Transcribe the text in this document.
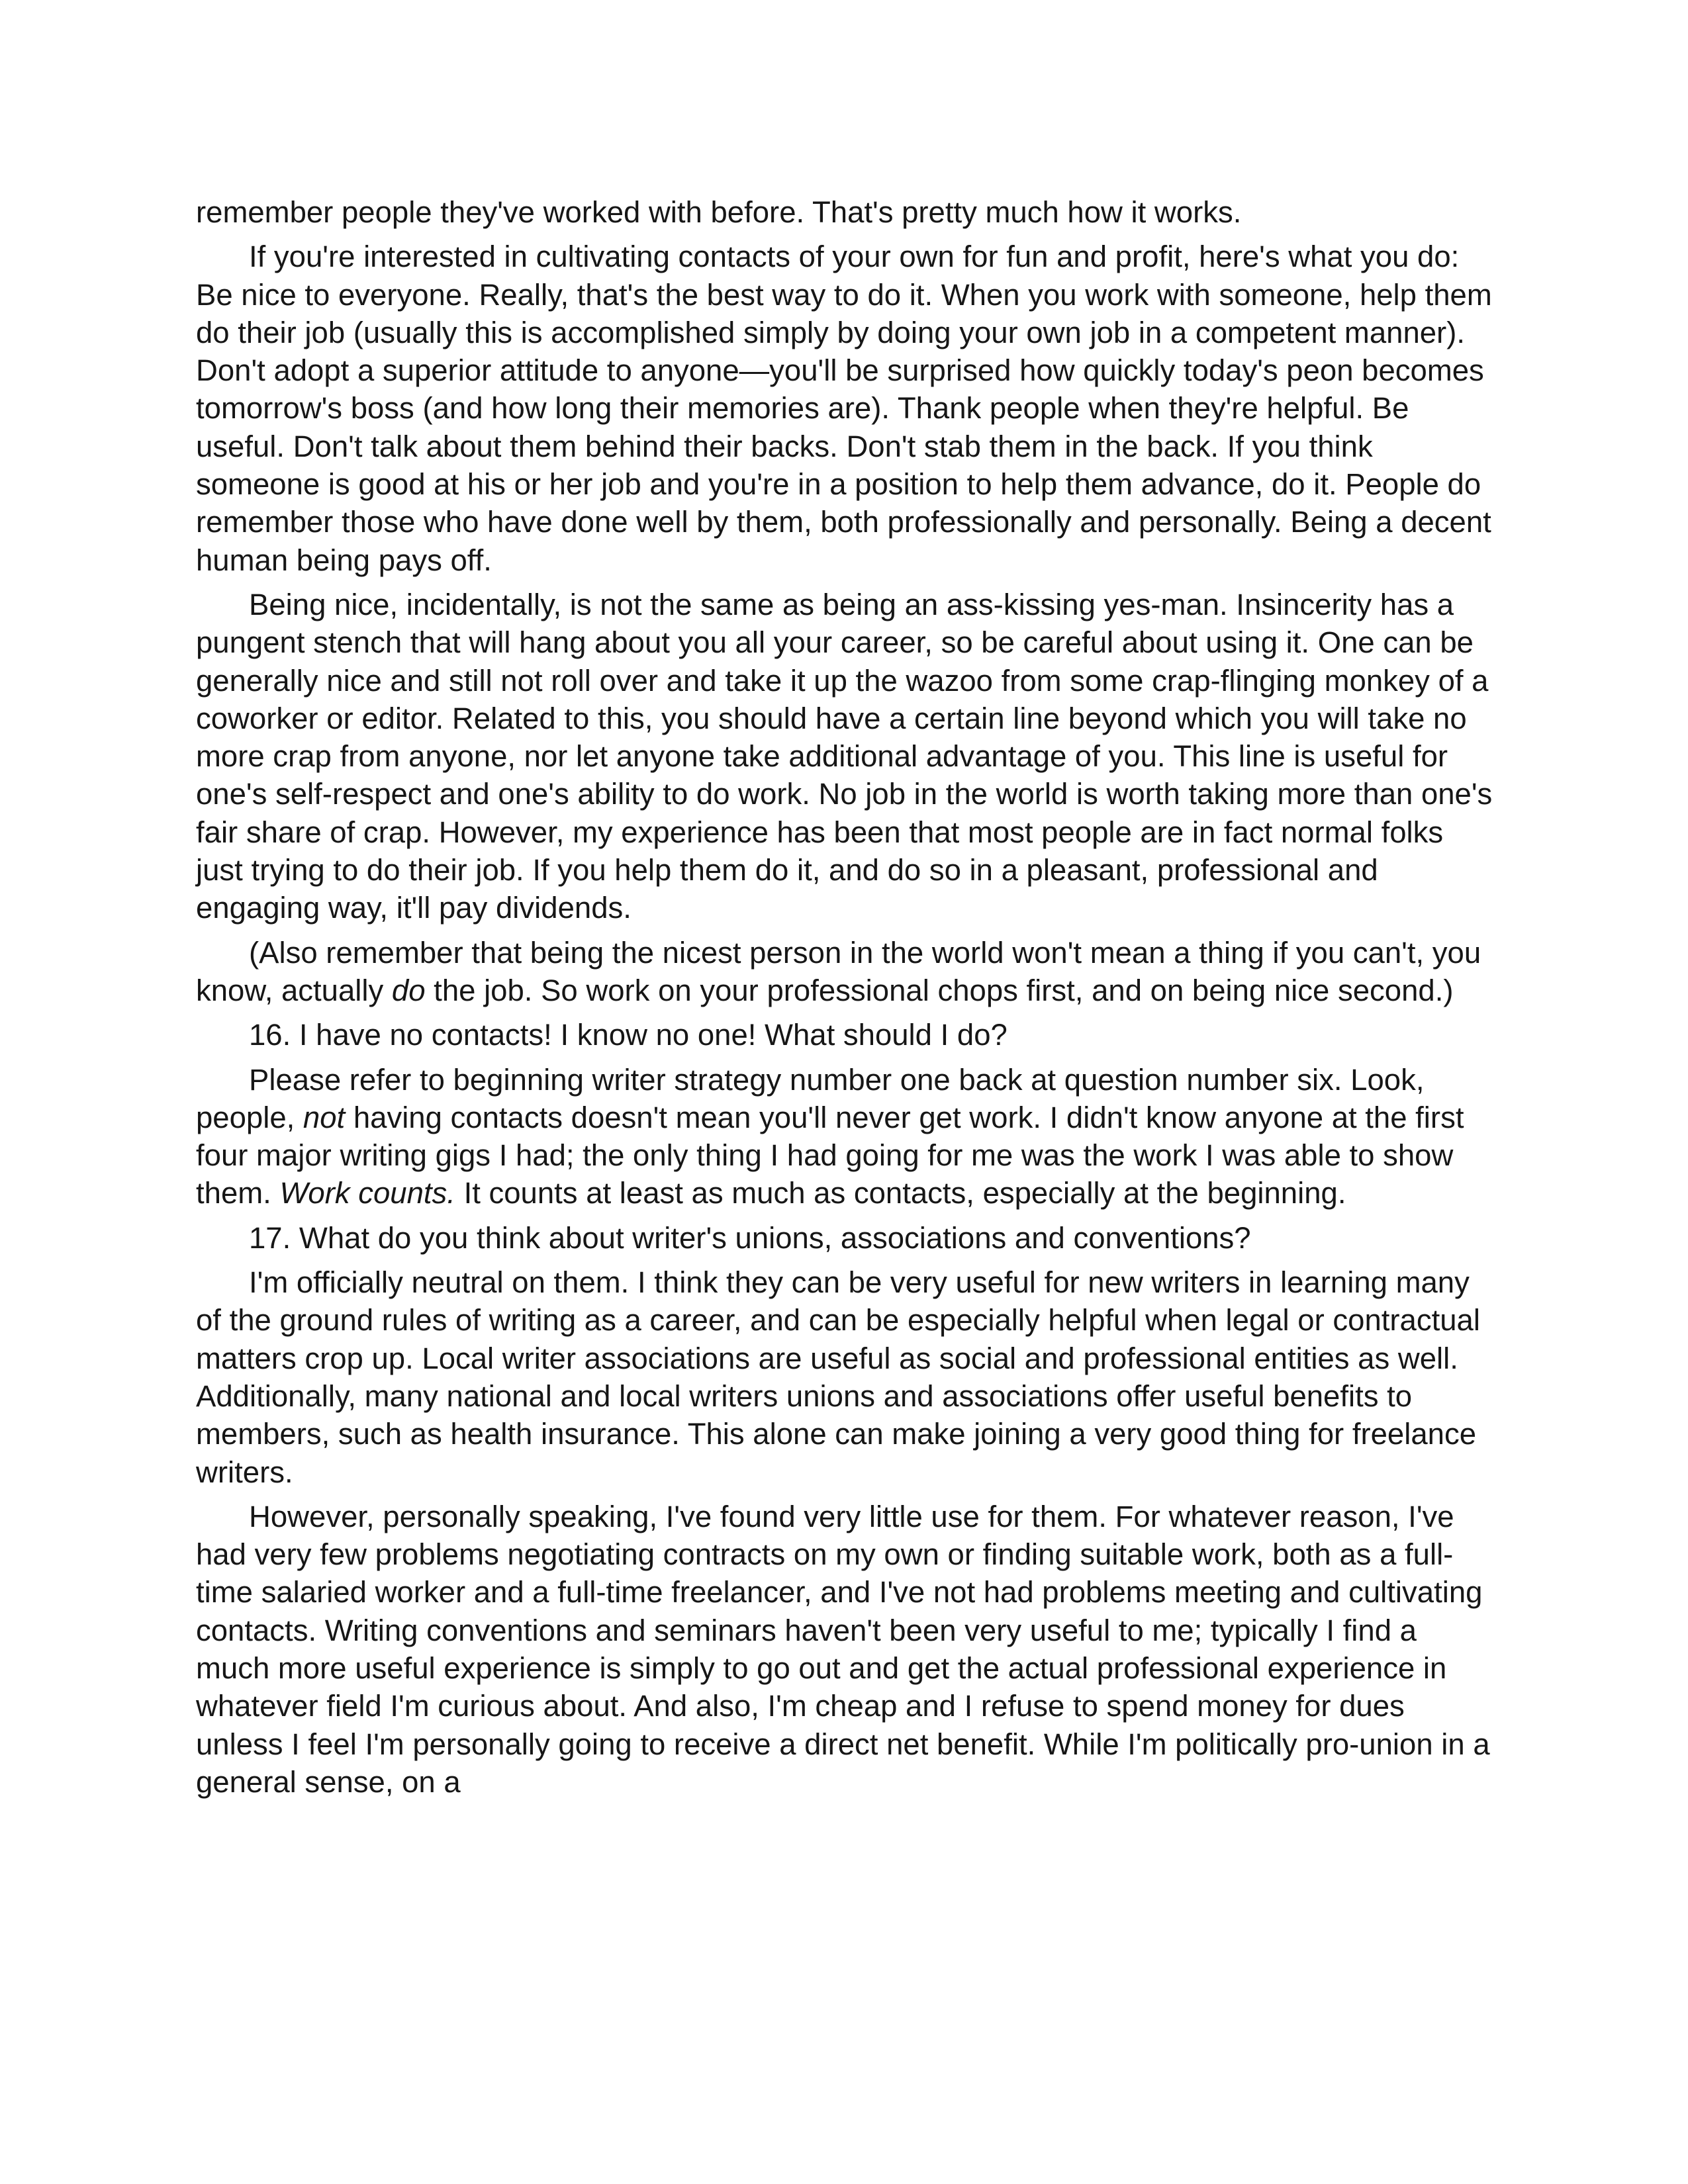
remember people they've worked with before. That's pretty much how it works.

If you're interested in cultivating contacts of your own for fun and profit, here's what you do: Be nice to everyone. Really, that's the best way to do it. When you work with someone, help them do their job (usually this is accomplished simply by doing your own job in a competent manner). Don't adopt a superior attitude to anyone—you'll be surprised how quickly today's peon becomes tomorrow's boss (and how long their memories are). Thank people when they're helpful. Be useful. Don't talk about them behind their backs. Don't stab them in the back. If you think someone is good at his or her job and you're in a position to help them advance, do it. People do remember those who have done well by them, both professionally and personally. Being a decent human being pays off.

Being nice, incidentally, is not the same as being an ass-kissing yes-man. Insincerity has a pungent stench that will hang about you all your career, so be careful about using it. One can be generally nice and still not roll over and take it up the wazoo from some crap-flinging monkey of a coworker or editor. Related to this, you should have a certain line beyond which you will take no more crap from anyone, nor let anyone take additional advantage of you. This line is useful for one's self-respect and one's ability to do work. No job in the world is worth taking more than one's fair share of crap. However, my experience has been that most people are in fact normal folks just trying to do their job. If you help them do it, and do so in a pleasant, professional and engaging way, it'll pay dividends.

(Also remember that being the nicest person in the world won't mean a thing if you can't, you know, actually do the job. So work on your professional chops first, and on being nice second.)

16. I have no contacts! I know no one! What should I do?

Please refer to beginning writer strategy number one back at question number six. Look, people, not having contacts doesn't mean you'll never get work. I didn't know anyone at the first four major writing gigs I had; the only thing I had going for me was the work I was able to show them. Work counts. It counts at least as much as contacts, especially at the beginning.

17. What do you think about writer's unions, associations and conventions?

I'm officially neutral on them. I think they can be very useful for new writers in learning many of the ground rules of writing as a career, and can be especially helpful when legal or contractual matters crop up. Local writer associations are useful as social and professional entities as well. Additionally, many national and local writers unions and associations offer useful benefits to members, such as health insurance. This alone can make joining a very good thing for freelance writers.

However, personally speaking, I've found very little use for them. For whatever reason, I've had very few problems negotiating contracts on my own or finding suitable work, both as a full-time salaried worker and a full-time freelancer, and I've not had problems meeting and cultivating contacts. Writing conventions and seminars haven't been very useful to me; typically I find a much more useful experience is simply to go out and get the actual professional experience in whatever field I'm curious about. And also, I'm cheap and I refuse to spend money for dues unless I feel I'm personally going to receive a direct net benefit. While I'm politically pro-union in a general sense, on a
